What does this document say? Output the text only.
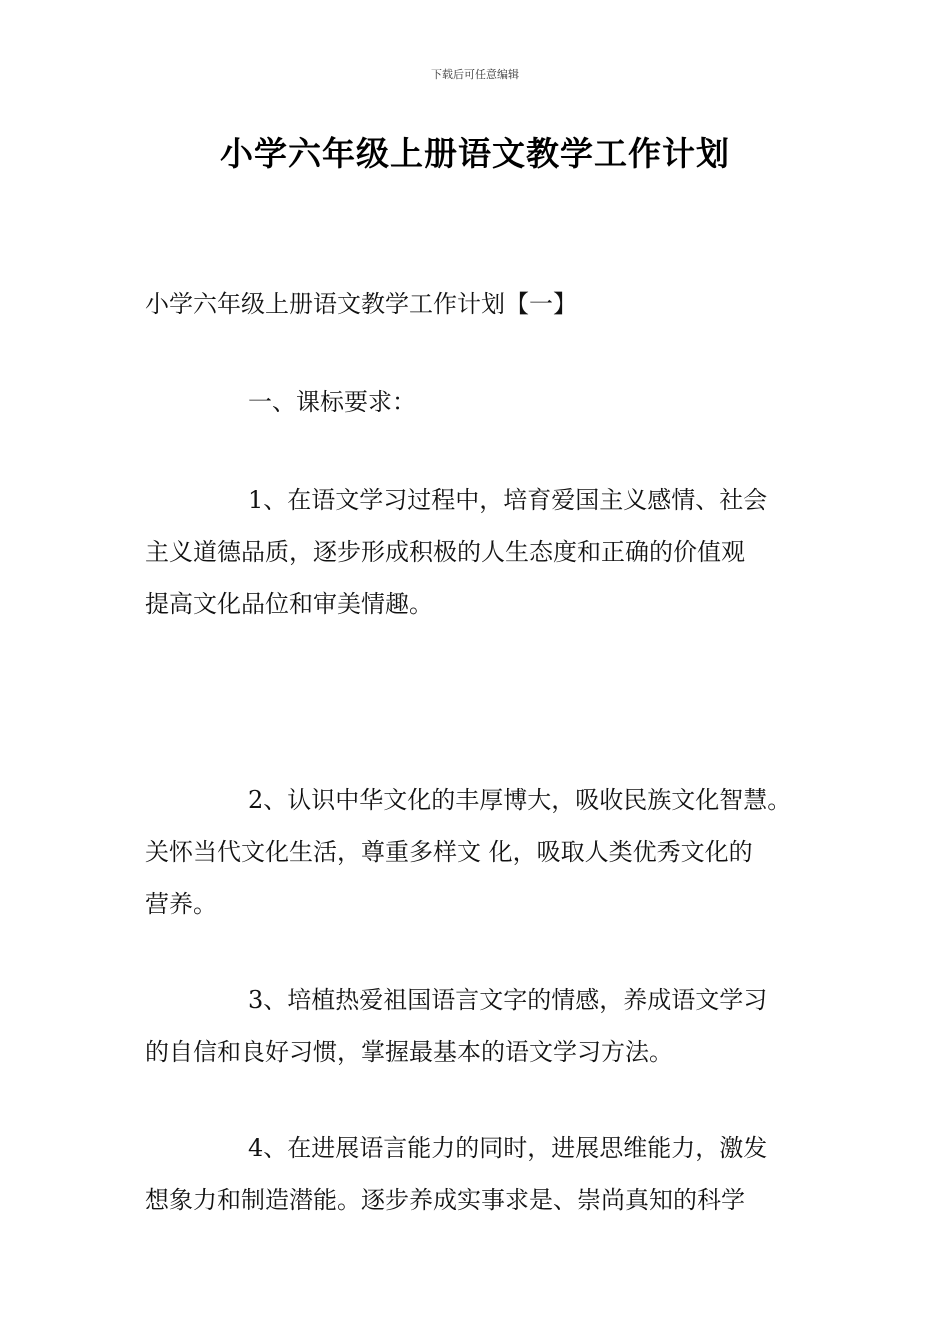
下载后可任意编辑
小学六年级上册语文教学工作计划
小学六年级上册语文教学工作计划【一】
一、课标要求：
1、在语文学习过程中，培育爱国主义感情、社会
主义道德品质，逐步形成积极的人生态度和正确的价值观
提高文化品位和审美情趣。
2、认识中华文化的丰厚博大，吸收民族文化智慧。
关怀当代文化生活，尊重多样文 化，吸取人类优秀文化的
营养。
3、培植热爱祖国语言文字的情感，养成语文学习
的自信和良好习惯，掌握最基本的语文学习方法。
4、在进展语言能力的同时，进展思维能力，激发
想象力和制造潜能。逐步养成实事求是、崇尚真知的科学
